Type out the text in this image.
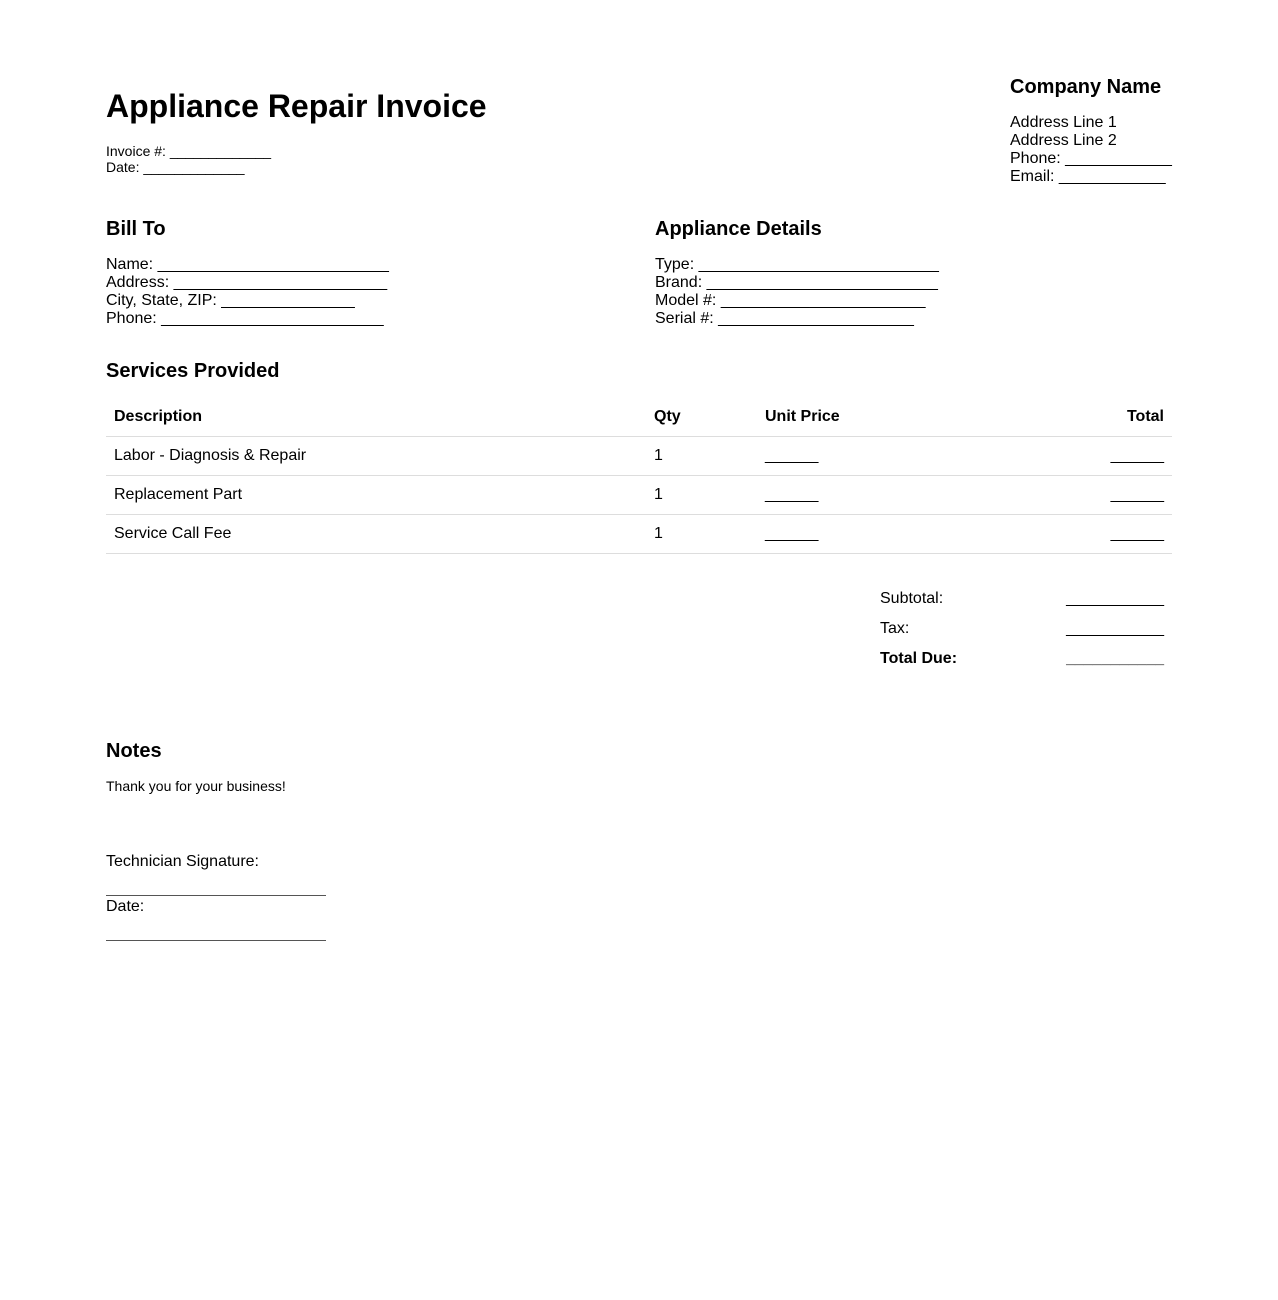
Appliance Repair Invoice
Invoice #: _____________
Date: _____________
Company Name
Address Line 1
Address Line 2
Phone: ____________
Email: ____________
Bill To
Name: __________________________
Address: ________________________
City, State, ZIP: _______________
Phone: _________________________
Appliance Details
Type: ___________________________
Brand: __________________________
Model #: _______________________
Serial #: ______________________
Services Provided
Description	Qty	Unit Price	Total
Labor - Diagnosis & Repair	1	______	______
Replacement Part	1	______	______
Service Call Fee	1	______	______
Subtotal:	___________
Tax:	___________
Total Due:	___________
Notes

Thank you for your business!

Technician Signature:
Date:
